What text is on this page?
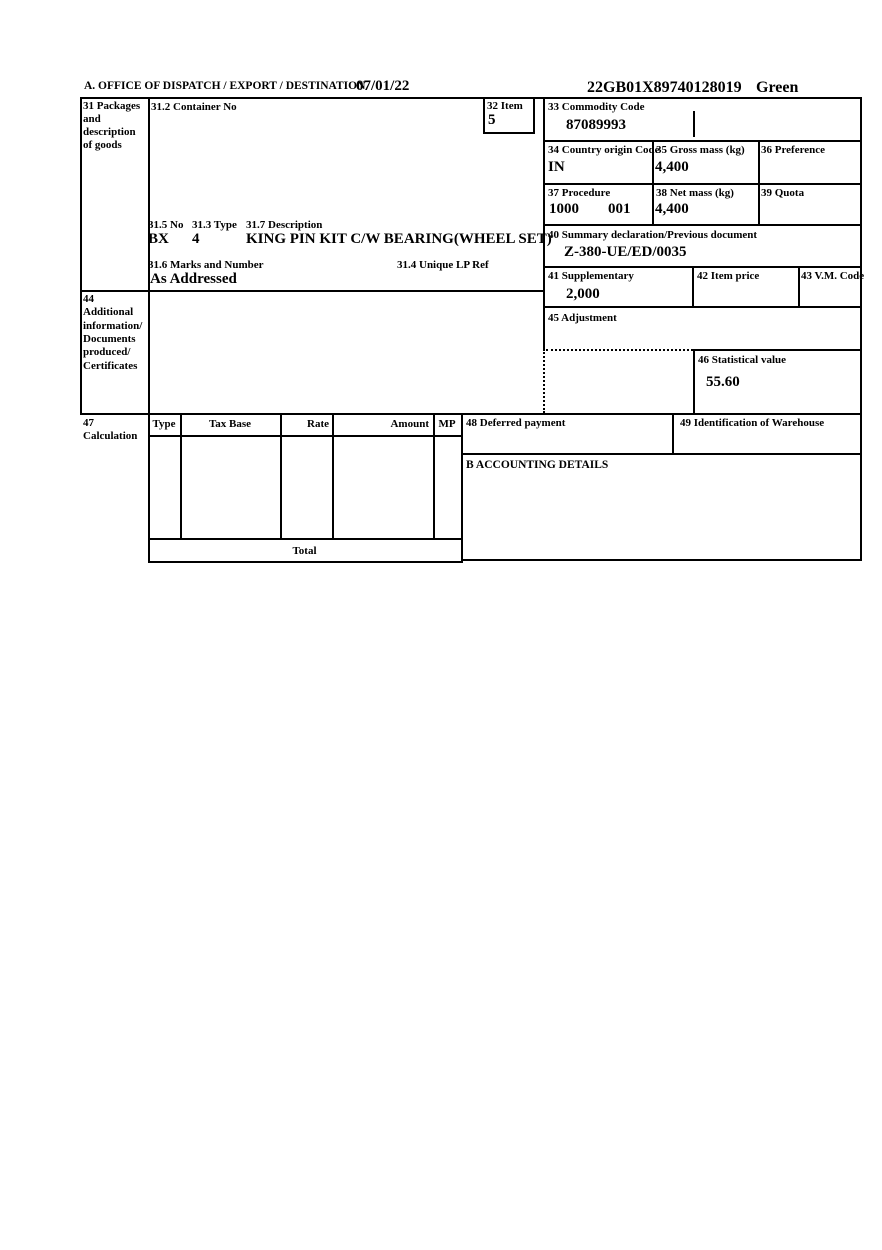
A. OFFICE OF DISPATCH / EXPORT / DESTINATION
07/01/22	22GB01X89740128019 Green
31 Packages
and
description
of goods
31.2 Container No	32 Item
5
31.5 No 31.3 Type 31.7 Description
BX 4	KING PIN KIT C/W BEARING(WHEEL SET)
31.6 Marks and Number	31.4 Unique LP Ref
As Addressed
33 Commodity Code
87089993
34 Country origin Code
IN
35 Gross mass (kg)
4,400
36 Preference
37 Procedure
1000 001
38 Net mass (kg)
4,400
39 Quota
40 Summary declaration/Previous document
Z-380-UE/ED/0035
41 Supplementary
2,000
42 Item price	43 V.M. Code
45 Adjustment
46 Statistical value
55.60
44
Additional
information/
Documents
produced/
Certificates
47
Calculation
Type	Tax Base	Rate	Amount MP
Total
48 Deferred payment	49 Identification of Warehouse
B ACCOUNTING DETAILS
